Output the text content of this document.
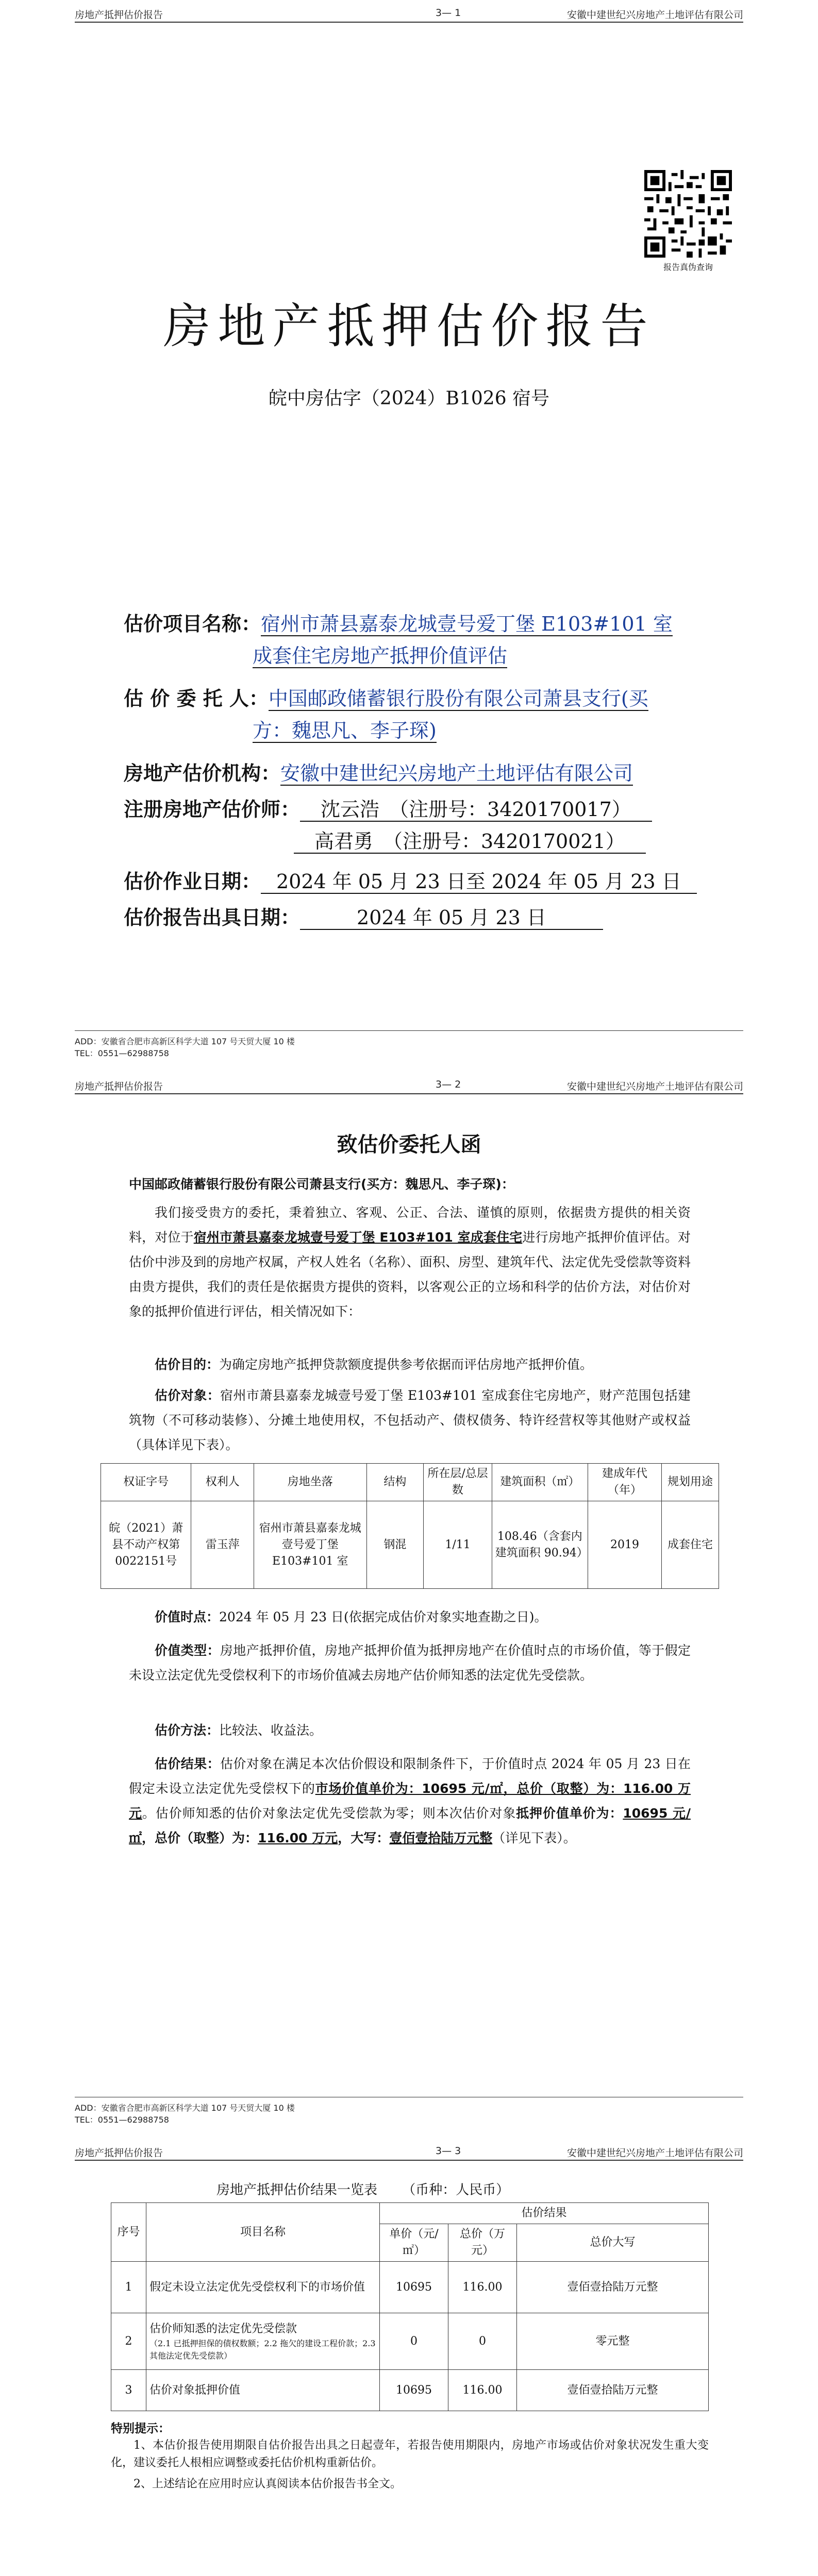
房地产抵押估价报告	3— 1	安徽中建世纪兴房地产土地评估有限公司
报告真伪查询
房地产抵押估价报告
皖中房估字（2024）B1026 宿号
估价项目名称：宿州市萧县嘉泰龙城壹号爱丁堡 E103#101 室
成套住宅房地产抵押价值评估
估 价 委 托 人：中国邮政储蓄银行股份有限公司萧县支行(买
方：魏思凡、李子琛)
房地产估价机构：安徽中建世纪兴房地产土地评估有限公司
注册房地产估价师： 沈云浩　（注册号：3420170017）
高君勇　（注册号：3420170021）
估价作业日期： 2024 年 05 月 23 日至 2024 年 05 月 23 日
估价报告出具日期：	2024 年 05 月 23 日
ADD：安徽省合肥市高新区科学大道 107 号天贸大厦 10 楼
TEL：0551—62988758
房地产抵押估价报告	3— 2	安徽中建世纪兴房地产土地评估有限公司
致估价委托人函
中国邮政储蓄银行股份有限公司萧县支行(买方：魏思凡、李子琛)：
我们接受贵方的委托，秉着独立、客观、公正、合法、谨慎的原则，依据贵方提供的相关资料，对位于宿州市萧县嘉泰龙城壹号爱丁堡 E103#101 室成套住宅进行房地产抵押价值评估。对估价中涉及到的房地产权属，产权人姓名（名称）、面积、房型、建筑年代、法定优先受偿款等资料由贵方提供，我们的责任是依据贵方提供的资料，以客观公正的立场和科学的估价方法，对估价对象的抵押价值进行评估，相关情况如下：
估价目的：为确定房地产抵押贷款额度提供参考依据而评估房地产抵押价值。
估价对象：宿州市萧县嘉泰龙城壹号爱丁堡 E103#101 室成套住宅房地产，财产范围包括建筑物（不可移动装修）、分摊土地使用权，不包括动产、债权债务、特许经营权等其他财产或权益（具体详见下表）。
权证字号	权利人	房地坐落	结构	所在层/总层数	建筑面积（㎡）	建成年代（年）	规划用途
皖（2021）萧县不动产权第0022151号	雷玉萍	宿州市萧县嘉泰龙城壹号爱丁堡 E103#101 室	钢混	1/11	108.46（含套内建筑面积 90.94）	2019	成套住宅
价值时点：2024 年 05 月 23 日(依据完成估价对象实地查勘之日)。
价值类型：房地产抵押价值，房地产抵押价值为抵押房地产在价值时点的市场价值，等于假定未设立法定优先受偿权利下的市场价值减去房地产估价师知悉的法定优先受偿款。
估价方法：比较法、收益法。
估价结果：估价对象在满足本次估价假设和限制条件下，于价值时点 2024 年 05 月 23 日在假定未设立法定优先受偿权下的市场价值单价为：10695 元/㎡，总价（取整）为：116.00 万元。估价师知悉的估价对象法定优先受偿款为零；则本次估价对象抵押价值单价为：10695 元/㎡，总价（取整）为：116.00 万元，大写：壹佰壹拾陆万元整（详见下表）。
ADD：安徽省合肥市高新区科学大道 107 号天贸大厦 10 楼
TEL：0551—62988758
房地产抵押估价报告	3— 3	安徽中建世纪兴房地产土地评估有限公司
房地产抵押估价结果一览表 （币种：人民币）
序号	项目名称	估价结果		
		单价（元/㎡）	总价（万元）	总价大写
1	假定未设立法定优先受偿权利下的市场价值	10695	116.00	壹佰壹拾陆万元整
2	估价师知悉的法定优先受偿款
（2.1 已抵押担保的债权数额；2.2 拖欠的建设工程价款；2.3 其他法定优先受偿款）	0	0	零元整
3	估价对象抵押价值	10695	116.00	壹佰壹拾陆万元整
特别提示：
1、本估价报告使用期限自估价报告出具之日起壹年，若报告使用期限内，房地产市场或估价对象状况发生重大变化，建议委托人根相应调整或委托估价机构重新估价。
2、上述结论在应用时应认真阅读本估价报告书全文。
